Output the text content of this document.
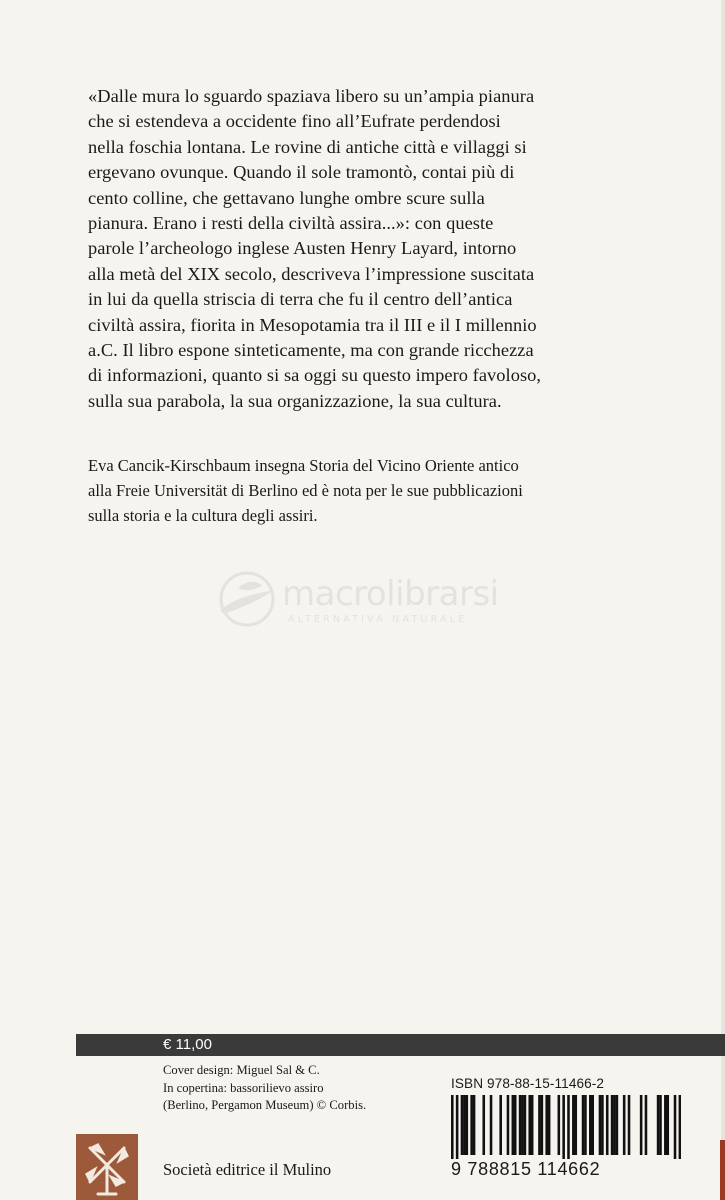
«Dalle mura lo sguardo spaziava libero su un’ampia pianura
che si estendeva a occidente fino all’Eufrate perdendosi
nella foschia lontana. Le rovine di antiche città e villaggi si
ergevano ovunque. Quando il sole tramontò, contai più di
cento colline, che gettavano lunghe ombre scure sulla
pianura. Erano i resti della civiltà assira...»: con queste
parole l’archeologo inglese Austen Henry Layard, intorno
alla metà del XIX secolo, descriveva l’impressione suscitata
in lui da quella striscia di terra che fu il centro dell’antica
civiltà assira, fiorita in Mesopotamia tra il III e il I millennio
a.C. Il libro espone sinteticamente, ma con grande ricchezza
di informazioni, quanto si sa oggi su questo impero favoloso,
sulla sua parabola, la sua organizzazione, la sua cultura.

Eva Cancik-Kirschbaum insegna Storia del Vicino Oriente antico
alla Freie Universität di Berlino ed è nota per le sue pubblicazioni
sulla storia e la cultura degli assiri.

macrolibrarsi
ALTERNATIVA NATURALE
€ 11,00

Cover design: Miguel Sal & C.
In copertina: bassorilievo assiro
(Berlino, Pergamon Museum) © Corbis.

ISBN 978-88-15-11466-2
9 788815 114662
Società editrice il Mulino
